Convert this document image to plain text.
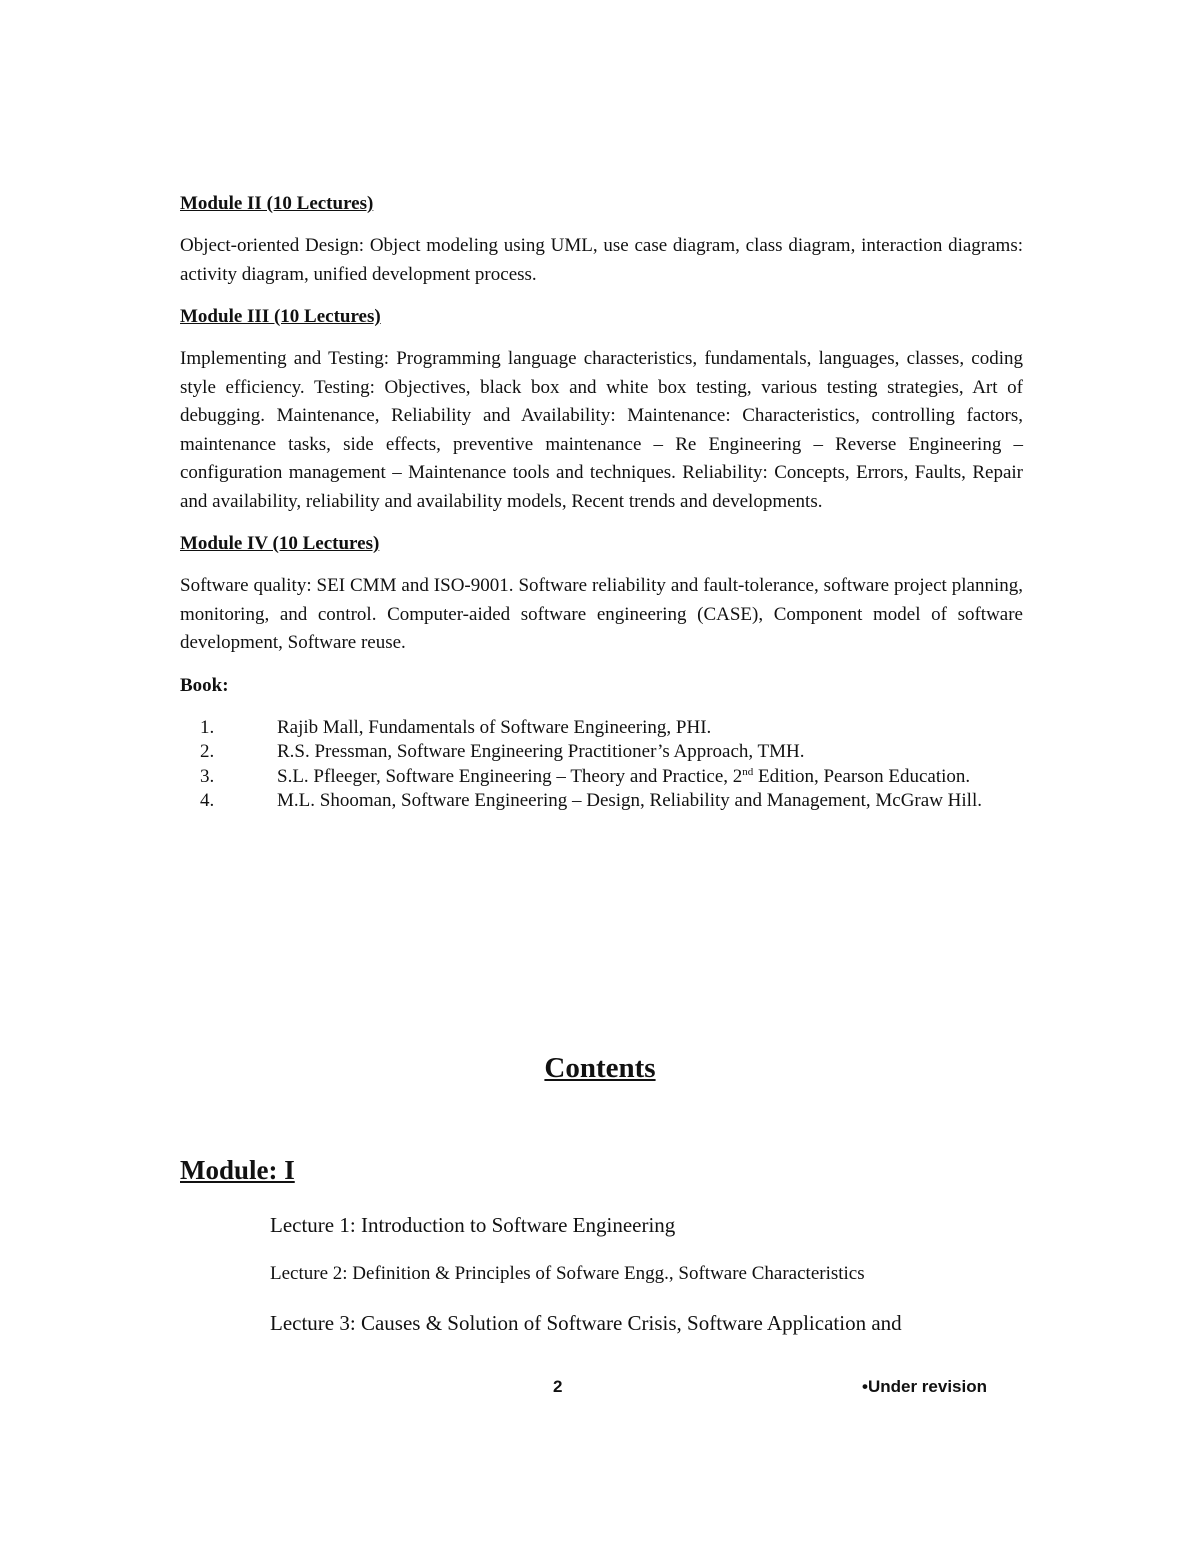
Module II (10 Lectures)

Object-oriented Design: Object modeling using UML, use case diagram, class diagram, interaction diagrams: activity diagram, unified development process.

Module III (10 Lectures)

Implementing and Testing: Programming language characteristics, fundamentals, languages, classes, coding style efficiency. Testing: Objectives, black box and white box testing, various testing strategies, Art of debugging. Maintenance, Reliability and Availability: Maintenance: Characteristics, controlling factors, maintenance tasks, side effects, preventive maintenance – Re Engineering – Reverse Engineering – configuration management – Maintenance tools and techniques. Reliability: Concepts, Errors, Faults, Repair and availability, reliability and availability models, Recent trends and developments.

Module IV (10 Lectures)

Software quality: SEI CMM and ISO-9001. Software reliability and fault-tolerance, software project planning, monitoring, and control. Computer-aided software engineering (CASE), Component model of software development, Software reuse.

Book:
1.	Rajib Mall, Fundamentals of Software Engineering, PHI.
2.	R.S. Pressman, Software Engineering Practitioner’s Approach, TMH.
3.	S.L. Pfleeger, Software Engineering – Theory and Practice, 2nd Edition, Pearson Education.
4.	M.L. Shooman, Software Engineering – Design, Reliability and Management, McGraw Hill.
Contents
Module: I
Lecture 1: Introduction to Software Engineering
Lecture 2: Definition & Principles of Sofware Engg., Software Characteristics
Lecture 3: Causes & Solution of Software Crisis, Software Application and
2	•Under revision
